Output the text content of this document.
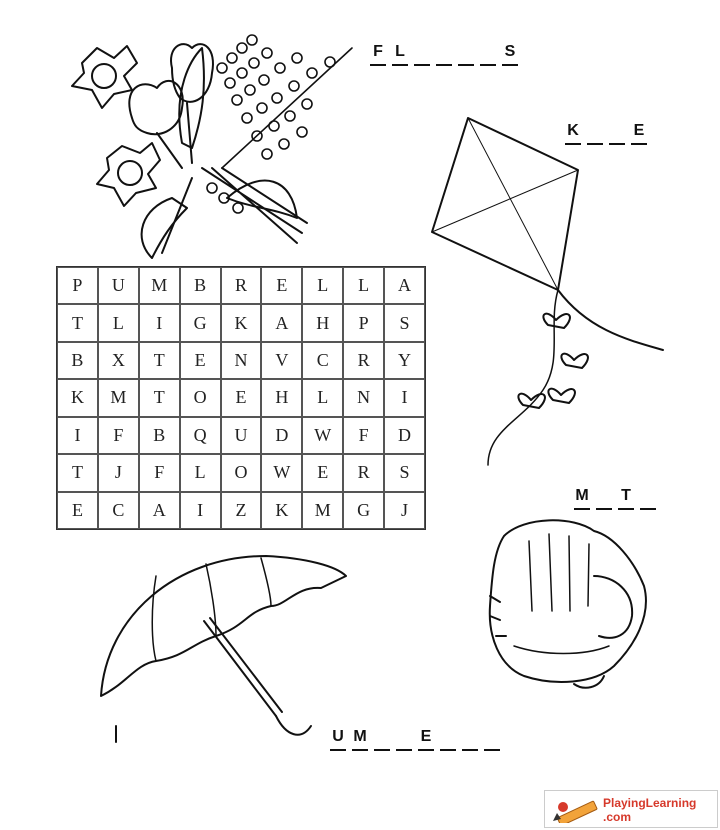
F L	S
K	E
P	U	M	B	R	E	L	L	A
T	L	I	G	K	A	H	P	S
B	X	T	E	N	V	C	R	Y
K	M	T	O	E	H	L	N	I
I	F	B	Q	U	D	W	F	D
T	J	F	L	O	W	E	R	S
E	C	A	I	Z	K	M	G	J
M T
U M	E
PlayingLearning
.com
